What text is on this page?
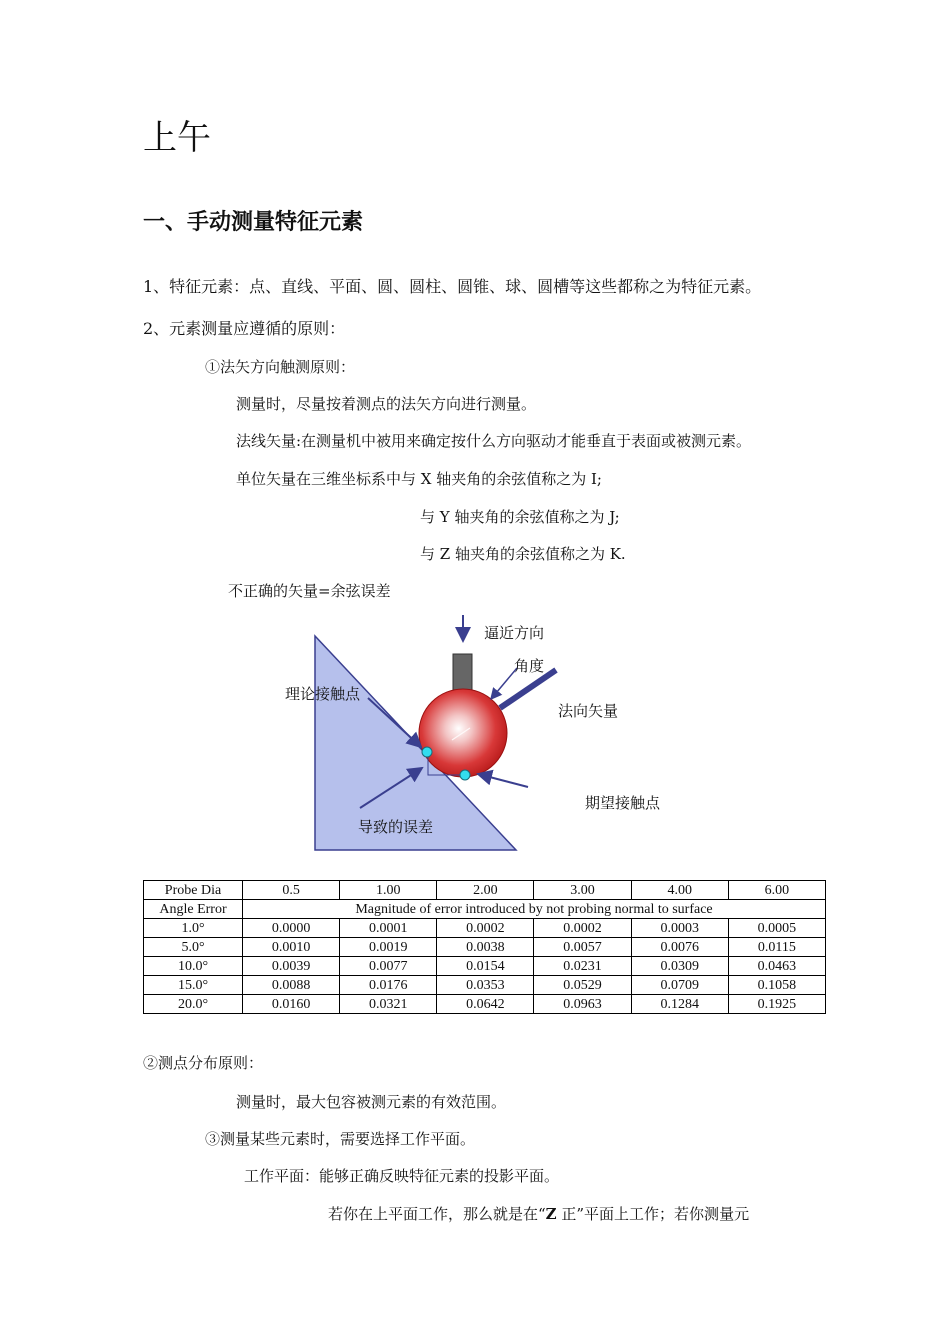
上午
一、手动测量特征元素
1、特征元素：点、直线、平面、圆、圆柱、圆锥、球、圆槽等这些都称之为特征元素。
2、元素测量应遵循的原则：
①法矢方向触测原则：
测量时，尽量按着测点的法矢方向进行测量。
法线矢量:在测量机中被用来确定按什么方向驱动才能垂直于表面或被测元素。
单位矢量在三维坐标系中与 X 轴夹角的余弦值称之为 I;
与 Y 轴夹角的余弦值称之为 J;
与 Z 轴夹角的余弦值称之为 K.
不正确的矢量=余弦误差
逼近方向
角度
理论接触点
法向矢量
期望接触点
导致的误差
Probe Dia	0.5	1.00	2.00	3.00	4.00	6.00
Angle Error	Magnitude of error introduced by not probing normal to surface					
1.0°	0.0000	0.0001	0.0002	0.0002	0.0003	0.0005
5.0°	0.0010	0.0019	0.0038	0.0057	0.0076	0.0115
10.0°	0.0039	0.0077	0.0154	0.0231	0.0309	0.0463
15.0°	0.0088	0.0176	0.0353	0.0529	0.0709	0.1058
20.0°	0.0160	0.0321	0.0642	0.0963	0.1284	0.1925
②测点分布原则：
测量时，最大包容被测元素的有效范围。
③测量某些元素时，需要选择工作平面。
工作平面：能够正确反映特征元素的投影平面。
若你在上平面工作，那么就是在“Z 正”平面上工作；若你测量元
